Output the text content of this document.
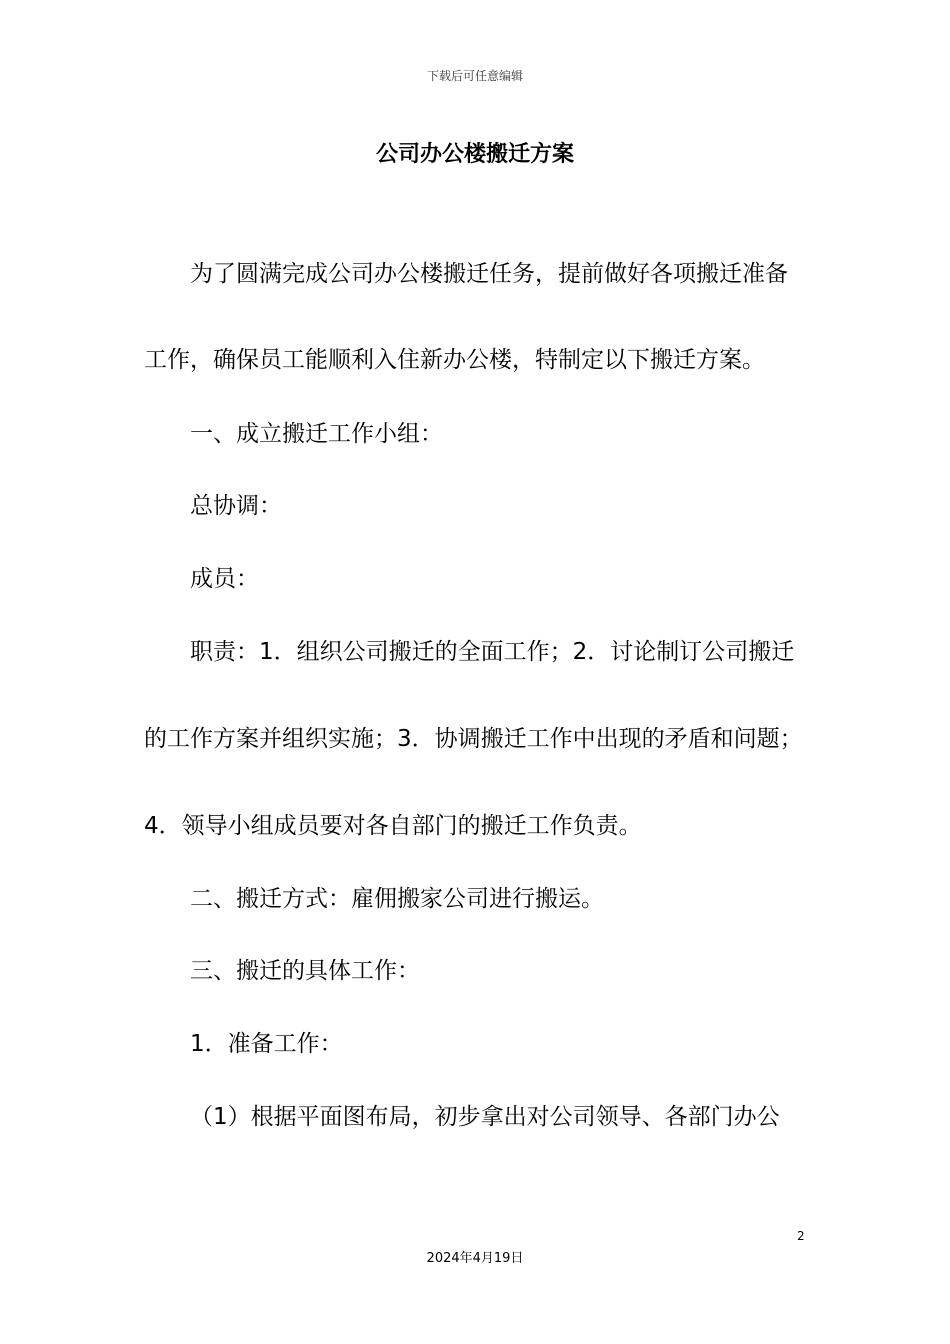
下载后可任意编辑
公司办公楼搬迁方案
为了圆满完成公司办公楼搬迁任务，提前做好各项搬迁准备
工作，确保员工能顺利入住新办公楼，特制定以下搬迁方案。
一、成立搬迁工作小组：
总协调：
成员：
职责：1．组织公司搬迁的全面工作；2．讨论制订公司搬迁
的工作方案并组织实施；3．协调搬迁工作中出现的矛盾和问题；
4．领导小组成员要对各自部门的搬迁工作负责。
二、搬迁方式：雇佣搬家公司进行搬运。
三、搬迁的具体工作：
1．准备工作：
（1）根据平面图布局，初步拿出对公司领导、各部门办公
2
2024年4月19日
